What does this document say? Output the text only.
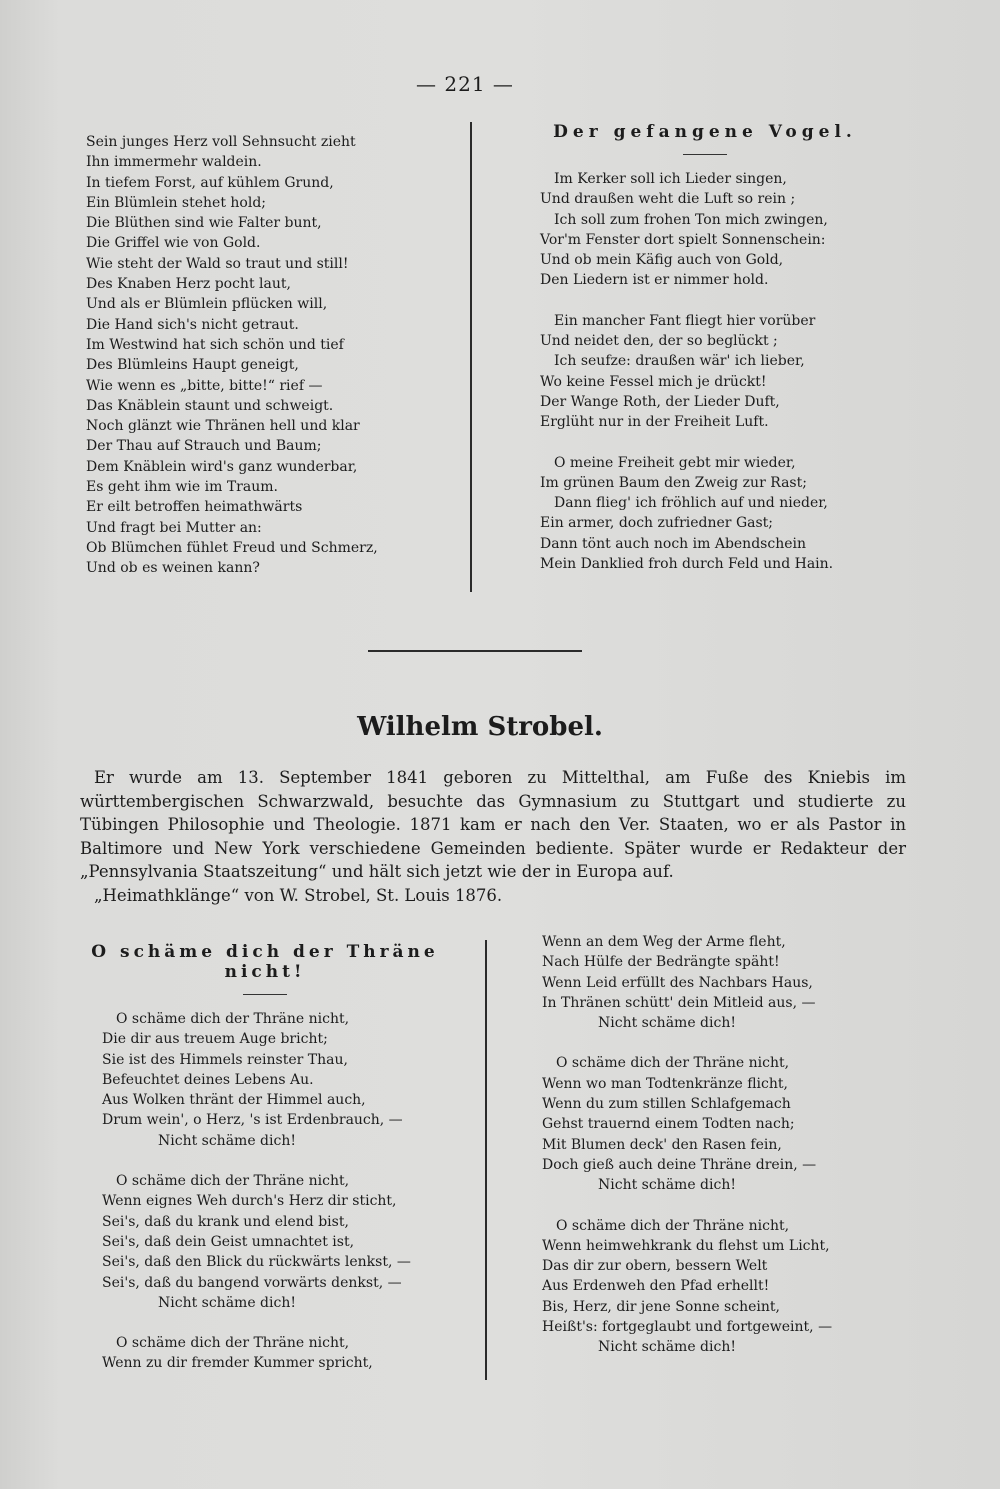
— 221 —
Sein junges Herz voll Sehnsucht zieht
Ihn immermehr waldein.
In tiefem Forst, auf kühlem Grund,
Ein Blümlein stehet hold;
Die Blüthen sind wie Falter bunt,
Die Griffel wie von Gold.
Wie steht der Wald so traut und still!
Des Knaben Herz pocht laut,
Und als er Blümlein pflücken will,
Die Hand sich's nicht getraut.
Im Westwind hat sich schön und tief
Des Blümleins Haupt geneigt,
Wie wenn es „bitte, bitte!“ rief —
Das Knäblein staunt und schweigt.
Noch glänzt wie Thränen hell und klar
Der Thau auf Strauch und Baum;
Dem Knäblein wird's ganz wunderbar,
Es geht ihm wie im Traum.
Er eilt betroffen heimathwärts
Und fragt bei Mutter an:
Ob Blümchen fühlet Freud und Schmerz,
Und ob es weinen kann?
Der gefangene Vogel.
Im Kerker soll ich Lieder singen,
Und draußen weht die Luft so rein ;
Ich soll zum frohen Ton mich zwingen,
Vor'm Fenster dort spielt Sonnenschein:
Und ob mein Käfig auch von Gold,
Den Liedern ist er nimmer hold.
Ein mancher Fant fliegt hier vorüber
Und neidet den, der so beglückt ;
Ich seufze: draußen wär' ich lieber,
Wo keine Fessel mich je drückt!
Der Wange Roth, der Lieder Duft,
Erglüht nur in der Freiheit Luft.
O meine Freiheit gebt mir wieder,
Im grünen Baum den Zweig zur Rast;
Dann flieg' ich fröhlich auf und nieder,
Ein armer, doch zufriedner Gast;
Dann tönt auch noch im Abendschein
Mein Danklied froh durch Feld und Hain.
Wilhelm Strobel.

Er wurde am 13. September 1841 geboren zu Mittelthal, am Fuße des Kniebis im württembergischen Schwarzwald, besuchte das Gymnasium zu Stuttgart und studierte zu Tübingen Philosophie und Theologie. 1871 kam er nach den Ver. Staaten, wo er als Pastor in Baltimore und New York verschiedene Gemeinden bediente. Später wurde er Redakteur der „Pennsylvania Staatszeitung“ und hält sich jetzt wie der in Europa auf.

„Heimathklänge“ von W. Strobel, St. Louis 1876.

O schäme dich der Thräne nicht!
O schäme dich der Thräne nicht,
Die dir aus treuem Auge bricht;
Sie ist des Himmels reinster Thau,
Befeuchtet deines Lebens Au.
Aus Wolken thränt der Himmel auch,
Drum wein', o Herz, 's ist Erdenbrauch, —
Nicht schäme dich!
O schäme dich der Thräne nicht,
Wenn eignes Weh durch's Herz dir sticht,
Sei's, daß du krank und elend bist,
Sei's, daß dein Geist umnachtet ist,
Sei's, daß den Blick du rückwärts lenkst, —
Sei's, daß du bangend vorwärts denkst, —
Nicht schäme dich!
O schäme dich der Thräne nicht,
Wenn zu dir fremder Kummer spricht,
Wenn an dem Weg der Arme fleht,
Nach Hülfe der Bedrängte späht!
Wenn Leid erfüllt des Nachbars Haus,
In Thränen schütt' dein Mitleid aus, —
Nicht schäme dich!
O schäme dich der Thräne nicht,
Wenn wo man Todtenkränze flicht,
Wenn du zum stillen Schlafgemach
Gehst trauernd einem Todten nach;
Mit Blumen deck' den Rasen fein,
Doch gieß auch deine Thräne drein, —
Nicht schäme dich!
O schäme dich der Thräne nicht,
Wenn heimwehkrank du flehst um Licht,
Das dir zur obern, bessern Welt
Aus Erdenweh den Pfad erhellt!
Bis, Herz, dir jene Sonne scheint,
Heißt's: fortgeglaubt und fortgeweint, —
Nicht schäme dich!
